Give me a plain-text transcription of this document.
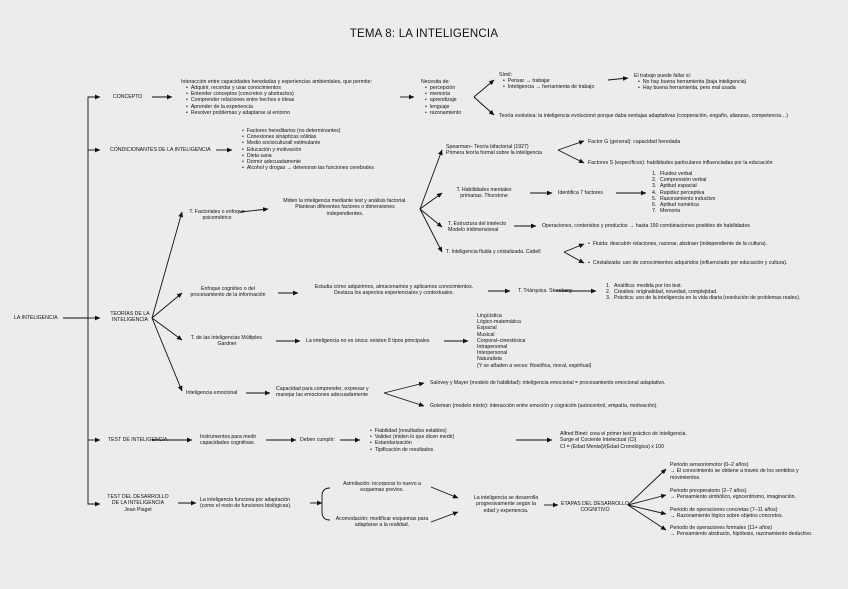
TEMA 8: LA INTELIGENCIA
LA INTELIGENCIA
CONCEPTO
Interacción entre capacidades heredadas y experiencias ambientales, que permite:
• Adquirir, recordar y usar conocimientos
• Entender conceptos (concretos y abstractos)
• Comprender relaciones entre hechos e ideas
• Aprender de la experiencia
• Resolver problemas y adaptarse al entorno
Necesita de:
• percepción
• memoria
• aprendizaje
• lenguaje
• razonamiento
Símil:
• Pensar → trabajar
• Inteligencia → herramienta de trabajo
El trabajo puede fallar si:
• No hay buena herramienta (baja inteligencia)
• Hay buena herramienta, pero mal usada
Teoría evolutiva: la inteligencia evolucionó porque daba ventajas adaptativas (cooperación, engaño, alianzas, competencia…)
CONDICIONANTES DE LA INTELIGENCIA
• Factores hereditarios (no determinantes)
• Conexiones sinápticas sólidas
• Medio socioculturall estimulante
• Educación y motivación
• Dieta sana
• Dormir adecuadamente
• Alcohol y drogas → deterioran las funciones cerebrales
TEORÍAS DE LA
INTELIGENCIA
T. Factoriales o enfoque
psicométrico
Miden la inteligencia mediante test y análisis factorial.
Plantean diferentes factores o dimensiones
independientes.
Spearman– Teoría bifactorial (1927)
Primera teoría formal sobre la inteligencia
Factor G (general): capacidad heredada
Factores S (específicos): habilidades particulares influenciadas por la educación
T. Habilidades mentales
primarias. Thurstone
Identifica 7 factores
1. Fluidez verbal
2. Comprensión verbal
3. Aptitud espacial
4. Rapidez perceptiva
5. Razonamiento inductivo
6. Aptitud numérica
7. Memoria
T. Estructura del intelecto
Modelo tridimensional
Operaciones, contenidos y productos → hasta 150 combinaciones posibles de habilidades
T. Inteligencia fluida y cristalizada. Cattell
• Fluida: descubrir relaciones, razonar, abstraer (independiente de la cultura).
• Cristalizada: uso de conocimientos adquiridos (influenciado por educación y cultura).
Enfoque cognitivo o del
procesamiento de la información
Estudia cómo adquirimos, almacenamos y aplicamos conocimientos.
Destaca los aspectos experienciales y contextuales.	T. Triárquica. Sternberg
1. Analítica: medida por los test.
2. Creativa: originalidad, novedad, complejidad.
3. Práctica: uso de la inteligencia en la vida diaria (resolución de problemas reales).
T. de las inteligencias Múltiples.
Gardner
La inteligencia no es única: existen 8 tipos principales
Lingüística
Lógico-matemática
Espacial
Musical
Corporal–cinestésica
Intrapersonal
Interpersonal
Naturalista
(Y se añaden a veces: filosófica, moral, espiritual)
Inteligencia emocional
Capacidad para comprender, expresar y
manejar las emociones adecuadamente
Salovey y Mayer (modelo de habilidad): inteligencia emocional = procesamiento emocional adaptativo.
Goleman (modelo mixto): interacción entre emoción y cognición (autocontrol, empatía, motivación).
TEST DE INTELIGENCIA	Instrumentos para medir
capacidades cognitivas.
Deben cumplir:
• Fiabilidad (resultados estables)
• Validez (miden lo que dicen medir)
• Estandarización
• Tipificación de resultados
Alfred Binet: crea el primer test práctico de inteligencia.
Surge el Cociente Intelectual (CI)
CI = (Edad Mental)/(Edad Cronológica) x 100
TEST DEL DESARROLLO
DE LA INTELIGENCIA
Jean Piaget
La inteligencia funciona por adaptación
(como el resto de funciones biológicas).
Asimilación: incorporar lo nuevo a
esquemas previos.
Acomodación: modificar esquemas para
adaptarse a la realidad.
La inteligencia se desarrolla
progresivamente según la
edad y experiencia.
ETAPAS DEL DESARROLLO
COGNITIVO
Periodo sensoriomotor (0–2 años)
→ El conocimiento se obtiene a través de los sentidos y
movimientos.
Periodo preoperatorio (2–7 años)
→ Pensamiento simbólico, egocentrismo, imaginación.
Periodo de operaciones concretas (7–11 años)
→ Razonamiento lógico sobre objetos concretos.
Periodo de operaciones formales (11+ años)
→ Pensamiento abstracto, hipótesis, razonamiento deductivo.
